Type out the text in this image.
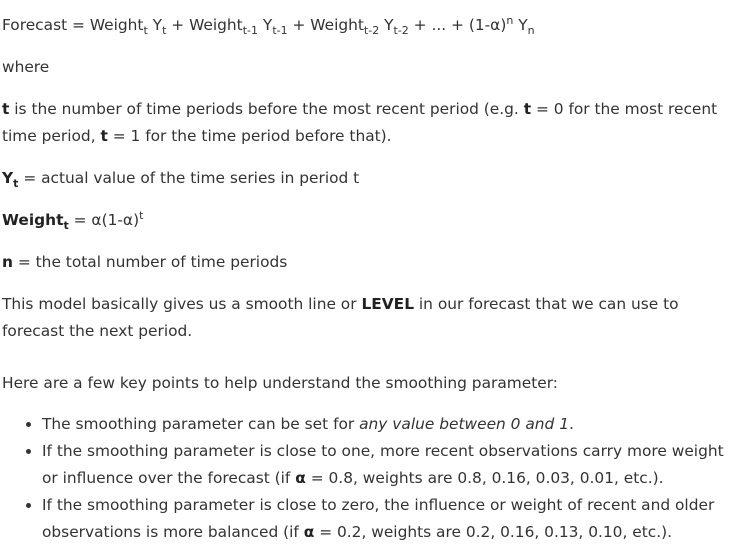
Forecast = Weight$_t$ $Y_t$ + Weight$_{t-1}$ $Y_{t-1}$ + Weight$_{t-2}$ $Y_{t-2}$ + ... + $(1-\alpha)^n$ $Y_n$

where

t is the number of time periods before the most recent period (e.g. t = 0 for the most recent time period, t = 1 for the time period before that).

$Y_t$ = actual value of the time series in period t

Weight$_t$ = $\alpha(1-\alpha)^t$

n = the total number of time periods

This model basically gives us a smooth line or LEVEL in our forecast that we can use to forecast the next period.

Here are a few key points to help understand the smoothing parameter:

• The smoothing parameter can be set for any value between 0 and 1.
• If the smoothing parameter is close to one, more recent observations carry more weight or influence over the forecast (if α = 0.8, weights are 0.8, 0.16, 0.03, 0.01, etc.).
• If the smoothing parameter is close to zero, the influence or weight of recent and older observations is more balanced (if α = 0.2, weights are 0.2, 0.16, 0.13, 0.10, etc.).
